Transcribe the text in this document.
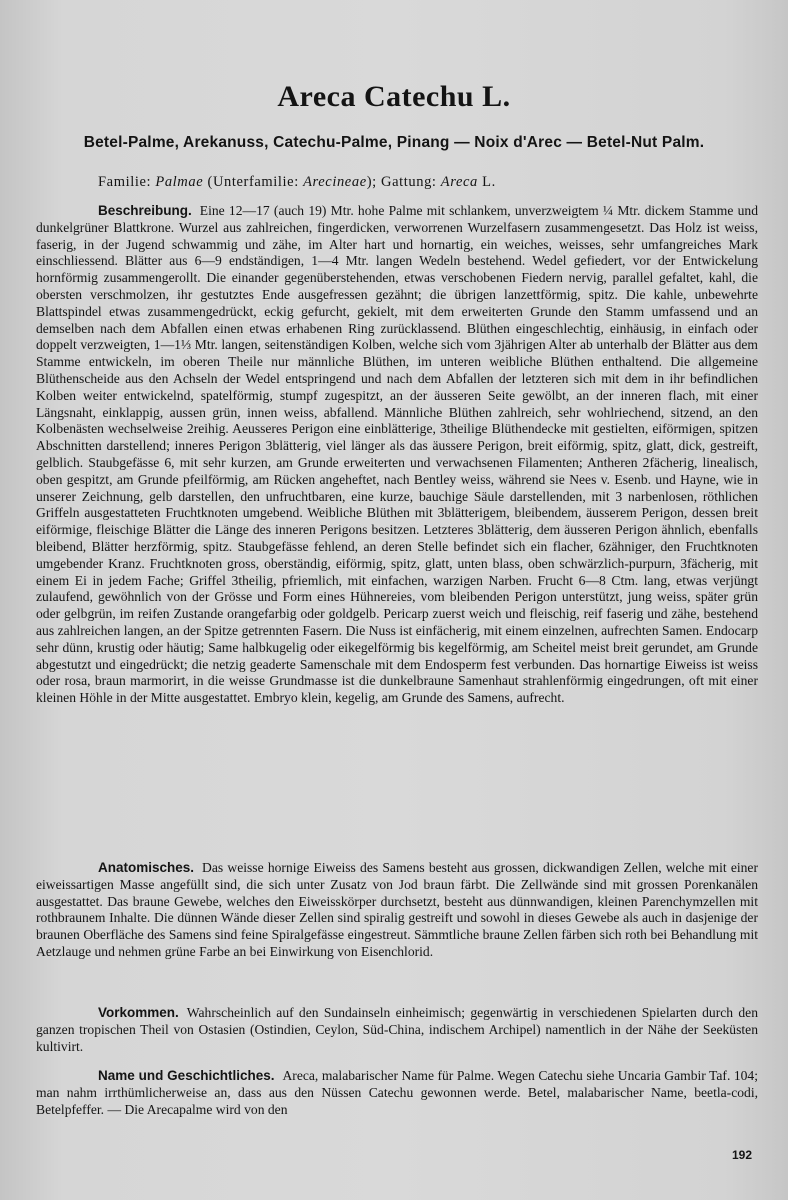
Areca Catechu L.
Betel-Palme, Arekanuss, Catechu-Palme, Pinang — Noix d'Arec — Betel-Nut Palm.
Familie: Palmae (Unterfamilie: Arecineae); Gattung: Areca L.
Beschreibung. Eine 12—17 (auch 19) Mtr. hohe Palme mit schlankem, unverzweigtem ¼ Mtr. dickem Stamme und dunkelgrüner Blattkrone. Wurzel aus zahlreichen, fingerdicken, verworrenen Wurzelfasern zusammengesetzt. Das Holz ist weiss, faserig, in der Jugend schwammig und zähe, im Alter hart und hornartig, ein weiches, weisses, sehr umfangreiches Mark einschliessend. Blätter aus 6—9 endständigen, 1—4 Mtr. langen Wedeln bestehend. Wedel gefiedert, vor der Entwickelung hornförmig zusammengerollt. Die einander gegenüberstehenden, etwas verschobenen Fiedern nervig, parallel gefaltet, kahl, die obersten verschmolzen, ihr gestutztes Ende ausgefressen gezähnt; die übrigen lanzettförmig, spitz. Die kahle, unbewehrte Blattspindel etwas zusammengedrückt, eckig gefurcht, gekielt, mit dem erweiterten Grunde den Stamm umfassend und an demselben nach dem Abfallen einen etwas erhabenen Ring zurücklassend. Blüthen eingeschlechtig, einhäusig, in einfach oder doppelt verzweigten, 1—1⅓ Mtr. langen, seitenständigen Kolben, welche sich vom 3jährigen Alter ab unterhalb der Blätter aus dem Stamme entwickeln, im oberen Theile nur männliche Blüthen, im unteren weibliche Blüthen enthaltend. Die allgemeine Blüthenscheide aus den Achseln der Wedel entspringend und nach dem Abfallen der letzteren sich mit dem in ihr befindlichen Kolben weiter entwickelnd, spatelförmig, stumpf zugespitzt, an der äusseren Seite gewölbt, an der inneren flach, mit einer Längsnaht, einklappig, aussen grün, innen weiss, abfallend. Männliche Blüthen zahlreich, sehr wohlriechend, sitzend, an den Kolbenästen wechselweise 2reihig. Aeusseres Perigon eine einblätterige, 3theilige Blüthendecke mit gestielten, eiförmigen, spitzen Abschnitten darstellend; inneres Perigon 3blätterig, viel länger als das äussere Perigon, breit eiförmig, spitz, glatt, dick, gestreift, gelblich. Staubgefässe 6, mit sehr kurzen, am Grunde erweiterten und verwachsenen Filamenten; Antheren 2fächerig, linealisch, oben gespitzt, am Grunde pfeilförmig, am Rücken angeheftet, nach Bentley weiss, während sie Nees v. Esenb. und Hayne, wie in unserer Zeichnung, gelb darstellen, den unfruchtbaren, eine kurze, bauchige Säule darstellenden, mit 3 narbenlosen, röthlichen Griffeln ausgestatteten Fruchtknoten umgebend. Weibliche Blüthen mit 3blätterigem, bleibendem, äusserem Perigon, dessen breit eiförmige, fleischige Blätter die Länge des inneren Perigons besitzen. Letzteres 3blätterig, dem äusseren Perigon ähnlich, ebenfalls bleibend, Blätter herzförmig, spitz. Staubgefässe fehlend, an deren Stelle befindet sich ein flacher, 6zähniger, den Fruchtknoten umgebender Kranz. Fruchtknoten gross, oberständig, eiförmig, spitz, glatt, unten blass, oben schwärzlich-purpurn, 3fächerig, mit einem Ei in jedem Fache; Griffel 3theilig, pfriemlich, mit einfachen, warzigen Narben. Frucht 6—8 Ctm. lang, etwas verjüngt zulaufend, gewöhnlich von der Grösse und Form eines Hühnereies, vom bleibenden Perigon unterstützt, jung weiss, später grün oder gelbgrün, im reifen Zustande orangefarbig oder goldgelb. Pericarp zuerst weich und fleischig, reif faserig und zähe, bestehend aus zahlreichen langen, an der Spitze getrennten Fasern. Die Nuss ist einfächerig, mit einem einzelnen, aufrechten Samen. Endocarp sehr dünn, krustig oder häutig; Same halbkugelig oder eikegelförmig bis kegelförmig, am Scheitel meist breit gerundet, am Grunde abgestutzt und eingedrückt; die netzig geaderte Samenschale mit dem Endosperm fest verbunden. Das hornartige Eiweiss ist weiss oder rosa, braun marmorirt, in die weisse Grundmasse ist die dunkelbraune Samenhaut strahlenförmig eingedrungen, oft mit einer kleinen Höhle in der Mitte ausgestattet. Embryo klein, kegelig, am Grunde des Samens, aufrecht.
Anatomisches. Das weisse hornige Eiweiss des Samens besteht aus grossen, dickwandigen Zellen, welche mit einer eiweissartigen Masse angefüllt sind, die sich unter Zusatz von Jod braun färbt. Die Zellwände sind mit grossen Porenkanälen ausgestattet. Das braune Gewebe, welches den Eiweisskörper durchsetzt, besteht aus dünnwandigen, kleinen Parenchymzellen mit rothbraunem Inhalte. Die dünnen Wände dieser Zellen sind spiralig gestreift und sowohl in dieses Gewebe als auch in dasjenige der braunen Oberfläche des Samens sind feine Spiralgefässe eingestreut. Sämmtliche braune Zellen färben sich roth bei Behandlung mit Aetzlauge und nehmen grüne Farbe an bei Einwirkung von Eisenchlorid.
Vorkommen. Wahrscheinlich auf den Sundainseln einheimisch; gegenwärtig in verschiedenen Spielarten durch den ganzen tropischen Theil von Ostasien (Ostindien, Ceylon, Süd-China, indischem Archipel) namentlich in der Nähe der Seeküsten kultivirt.
Name und Geschichtliches. Areca, malabarischer Name für Palme. Wegen Catechu siehe Uncaria Gambir Taf. 104; man nahm irrthümlicherweise an, dass aus den Nüssen Catechu gewonnen werde. Betel, malabarischer Name, beetla-codi, Betelpfeffer. — Die Arecapalme wird von den
192
